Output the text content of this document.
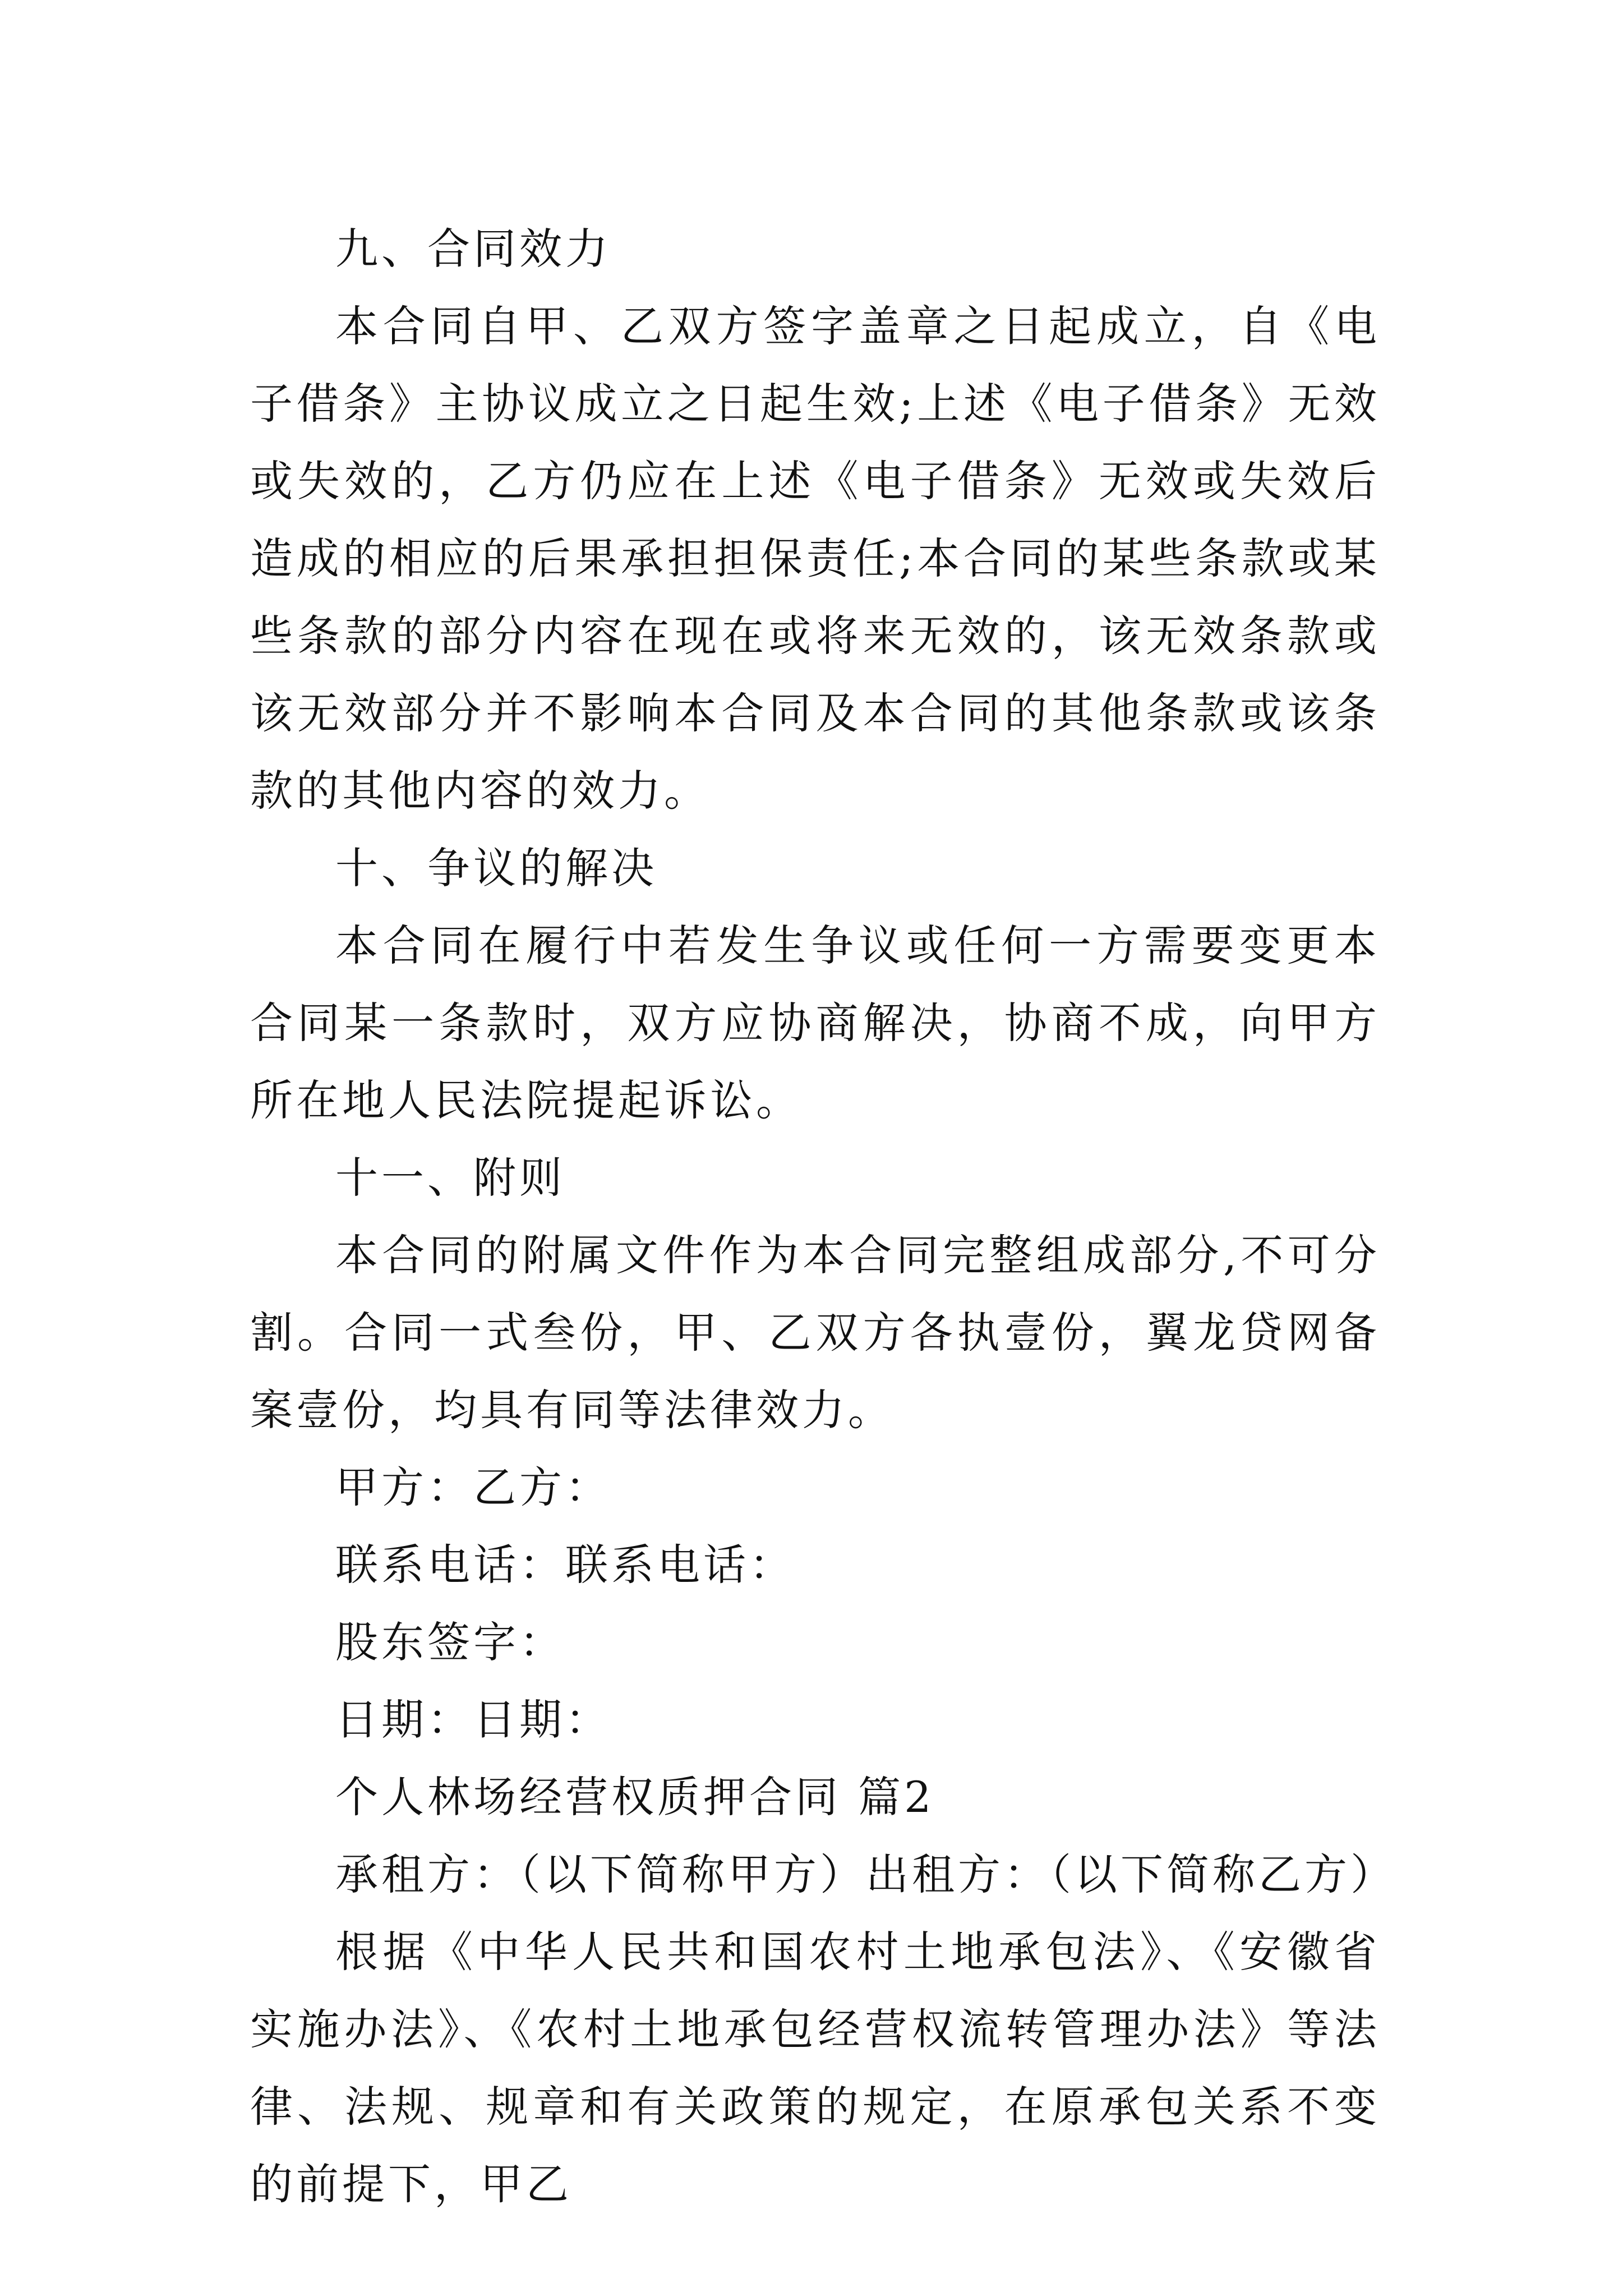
九、合同效力

本合同自甲、乙双方签字盖章之日起成立，自《电子借条》主协议成立之日起生效;上述《电子借条》无效或失效的，乙方仍应在上述《电子借条》无效或失效后造成的相应的后果承担担保责任;本合同的某些条款或某些条款的部分内容在现在或将来无效的，该无效条款或该无效部分并不影响本合同及本合同的其他条款或该条款的其他内容的效力。

十、争议的解决

本合同在履行中若发生争议或任何一方需要变更本合同某一条款时，双方应协商解决，协商不成，向甲方所在地人民法院提起诉讼。

十一、附则

本合同的附属文件作为本合同完整组成部分,不可分割。合同一式叁份，甲、乙双方各执壹份，翼龙贷网备案壹份，均具有同等法律效力。

甲方：乙方：

联系电话：联系电话：

股东签字：

日期：日期：

个人林场经营权质押合同 篇2

承租方：（以下简称甲方）出租方：（以下简称乙方）

根据《中华人民共和国农村土地承包法》、《安徽省实施办法》、《农村土地承包经营权流转管理办法》等法律、法规、规章和有关政策的规定，在原承包关系不变的前提下，甲乙
